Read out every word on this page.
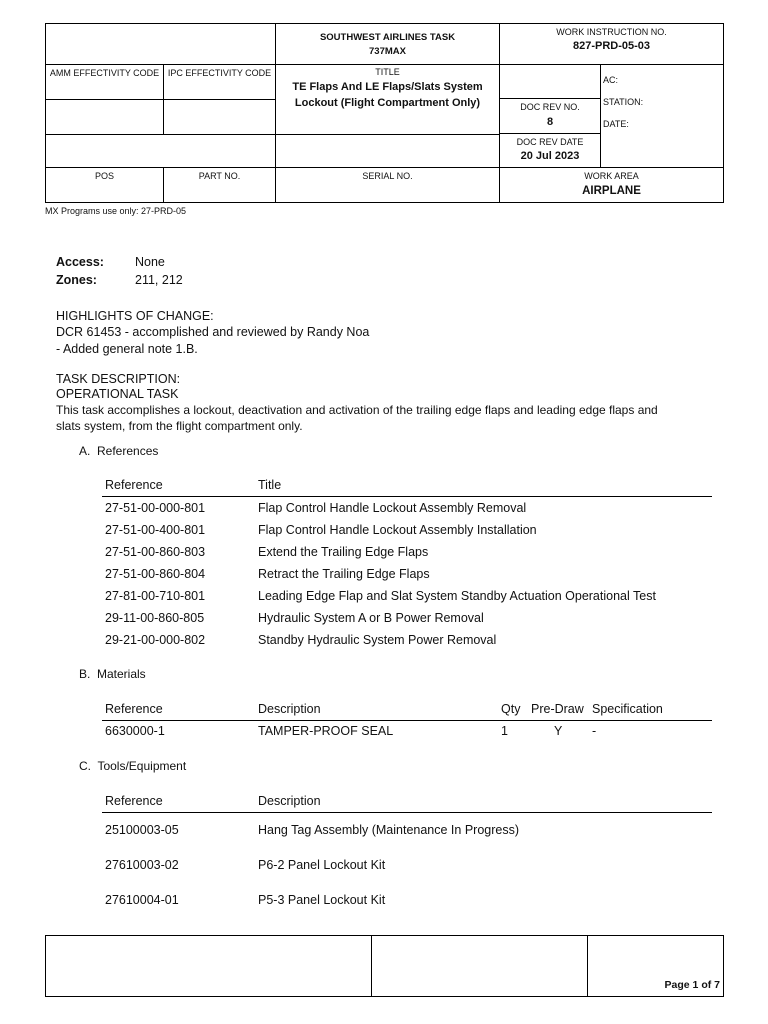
SOUTHWEST AIRLINES TASK
737MAX
WORK INSTRUCTION NO.
827-PRD-05-03
AMM EFFECTIVITY CODE IPC EFFECTIVITY CODE	TITLE
TE Flaps And LE Flaps/Slats System
Lockout (Flight Compartment Only)
AC:
STATION:
DATE:
DOC REV NO.
8
DOC REV DATE
20 Jul 2023
POS	PART NO.	SERIAL NO.	WORK AREA
AIRPLANE
MX Programs use only: 27-PRD-05
Access: None
Zones:	211, 212
HIGHLIGHTS OF CHANGE:
DCR 61453 - accomplished and reviewed by Randy Noa
- Added general note 1.B.
TASK DESCRIPTION:
OPERATIONAL TASK
This task accomplishes a lockout, deactivation and activation of the trailing edge flaps and leading edge flaps and
slats system, from the flight compartment only.
A.  References
Reference	Title
27-51-00-000-801	Flap Control Handle Lockout Assembly Removal
27-51-00-400-801	Flap Control Handle Lockout Assembly Installation
27-51-00-860-803	Extend the Trailing Edge Flaps
27-51-00-860-804	Retract the Trailing Edge Flaps
27-81-00-710-801	Leading Edge Flap and Slat System Standby Actuation Operational Test
29-11-00-860-805	Hydraulic System A or B Power Removal
29-21-00-000-802	Standby Hydraulic System Power Removal
B.  Materials
Reference	Description	Qty Pre-Draw Specification
6630000-1	TAMPER-PROOF SEAL	1	Y -
C.  Tools/Equipment
Reference	Description
25100003-05	Hang Tag Assembly (Maintenance In Progress)
27610003-02	P6-2 Panel Lockout Kit
27610004-01	P5-3 Panel Lockout Kit
Page 1 of 7
